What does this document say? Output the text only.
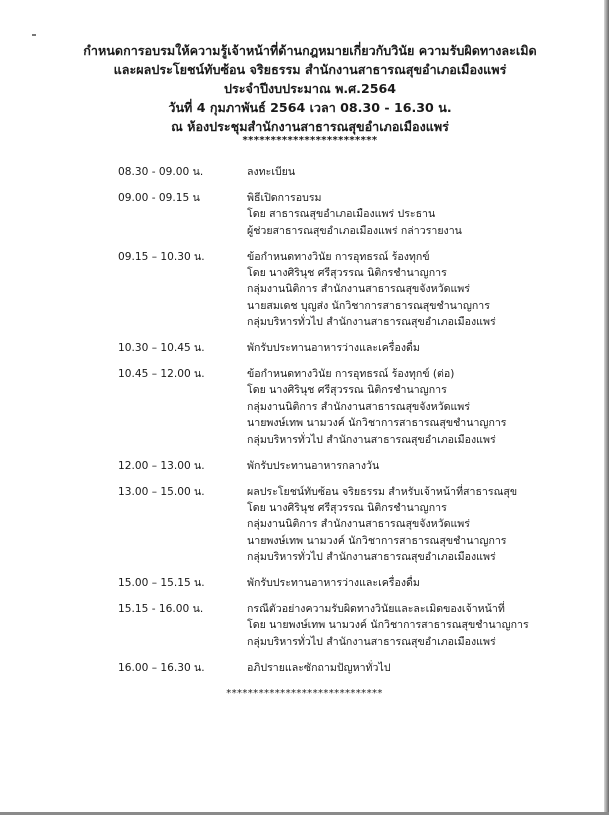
กำหนดการอบรมให้ความรู้เจ้าหน้าที่ด้านกฎหมายเกี่ยวกับวินัย ความรับผิดทางละเมิด
และผลประโยชน์ทับซ้อน จริยธรรม สำนักงานสาธารณสุขอำเภอเมืองแพร่
ประจำปีงบประมาณ พ.ศ.2564
วันที่ 4 กุมภาพันธ์ 2564 เวลา 08.30 - 16.30 น.
ณ ห้องประชุมสำนักงานสาธารณสุขอำเภอเมืองแพร่
************************
08.30 - 09.00 น.	ลงทะเบียน
09.00 - 09.15 น	พิธีเปิดการอบรม
โดย สาธารณสุขอำเภอเมืองแพร่ ประธาน
ผู้ช่วยสาธารณสุขอำเภอเมืองแพร่ กล่าวรายงาน
09.15 – 10.30 น.	ข้อกำหนดทางวินัย การอุทธรณ์ ร้องทุกข์
โดย นางศิรินุช ศรีสุวรรณ นิติกรชำนาญการ
กลุ่มงานนิติการ สำนักงานสาธารณสุขจังหวัดแพร่
นายสมเดช บุญส่ง นักวิชาการสาธารณสุขชำนาญการ
กลุ่มบริหารทั่วไป สำนักงานสาธารณสุขอำเภอเมืองแพร่
10.30 – 10.45 น.	พักรับประทานอาหารว่างและเครื่องดื่ม
10.45 – 12.00 น.	ข้อกำหนดทางวินัย การอุทธรณ์ ร้องทุกข์ (ต่อ)
โดย นางศิรินุช ศรีสุวรรณ นิติกรชำนาญการ
กลุ่มงานนิติการ สำนักงานสาธารณสุขจังหวัดแพร่
นายพงษ์เทพ นามวงค์ นักวิชาการสาธารณสุขชำนาญการ
กลุ่มบริหารทั่วไป สำนักงานสาธารณสุขอำเภอเมืองแพร่
12.00 – 13.00 น.	พักรับประทานอาหารกลางวัน
13.00 – 15.00 น.	ผลประโยชน์ทับซ้อน จริยธรรม สำหรับเจ้าหน้าที่สาธารณสุข
โดย นางศิรินุช ศรีสุวรรณ นิติกรชำนาญการ
กลุ่มงานนิติการ สำนักงานสาธารณสุขจังหวัดแพร่
นายพงษ์เทพ นามวงค์ นักวิชาการสาธารณสุขชำนาญการ
กลุ่มบริหารทั่วไป สำนักงานสาธารณสุขอำเภอเมืองแพร่
15.00 – 15.15 น.	พักรับประทานอาหารว่างและเครื่องดื่ม
15.15 - 16.00 น.	กรณีตัวอย่างความรับผิดทางวินัยและละเมิดของเจ้าหน้าที่
โดย นายพงษ์เทพ นามวงค์ นักวิชาการสาธารณสุขชำนาญการ
กลุ่มบริหารทั่วไป สำนักงานสาธารณสุขอำเภอเมืองแพร่
16.00 – 16.30 น.	อภิปรายและซักถามปัญหาทั่วไป
*****************************
